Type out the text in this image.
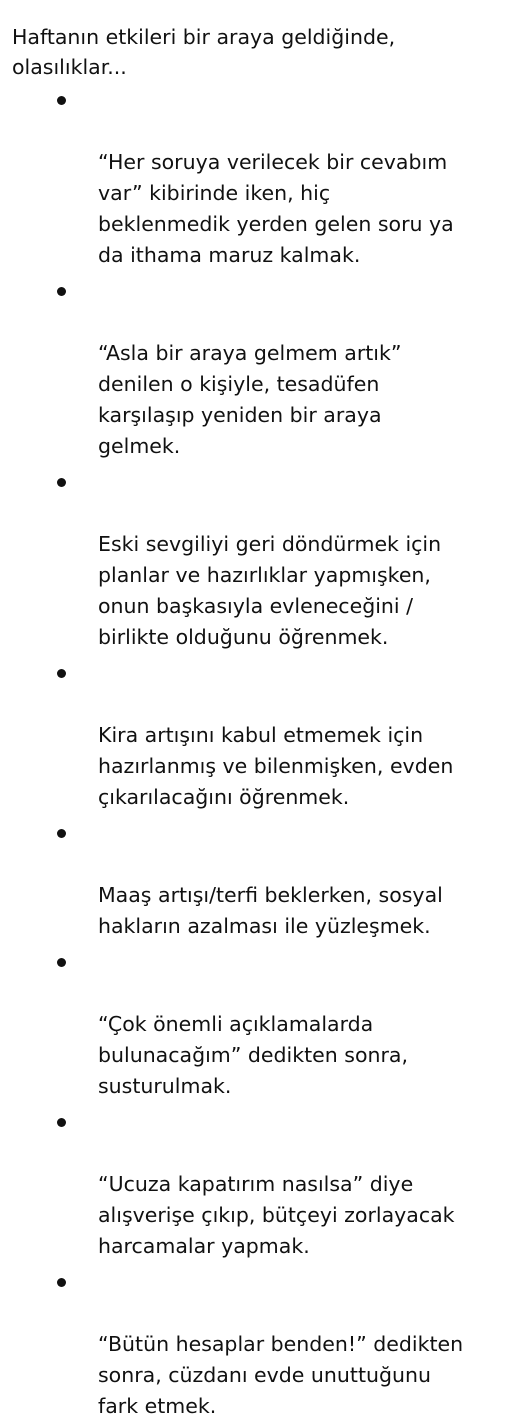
Haftanın etkileri bir araya geldiğinde,
olasılıklar...

“Her soruya verilecek bir cevabım
var” kibirinde iken, hiç
beklenmedik yerden gelen soru ya
da ithama maruz kalmak.

“Asla bir araya gelmem artık”
denilen o kişiyle, tesadüfen
karşılaşıp yeniden bir araya
gelmek.

Eski sevgiliyi geri döndürmek için
planlar ve hazırlıklar yapmışken,
onun başkasıyla evleneceğini /
birlikte olduğunu öğrenmek.

Kira artışını kabul etmemek için
hazırlanmış ve bilenmişken, evden
çıkarılacağını öğrenmek.

Maaş artışı/terfi beklerken, sosyal
hakların azalması ile yüzleşmek.

“Çok önemli açıklamalarda
bulunacağım” dedikten sonra,
susturulmak.

“Ucuza kapatırım nasılsa” diye
alışverişe çıkıp, bütçeyi zorlayacak
harcamalar yapmak.

“Bütün hesaplar benden!” dedikten
sonra, cüzdanı evde unuttuğunu
fark etmek.
